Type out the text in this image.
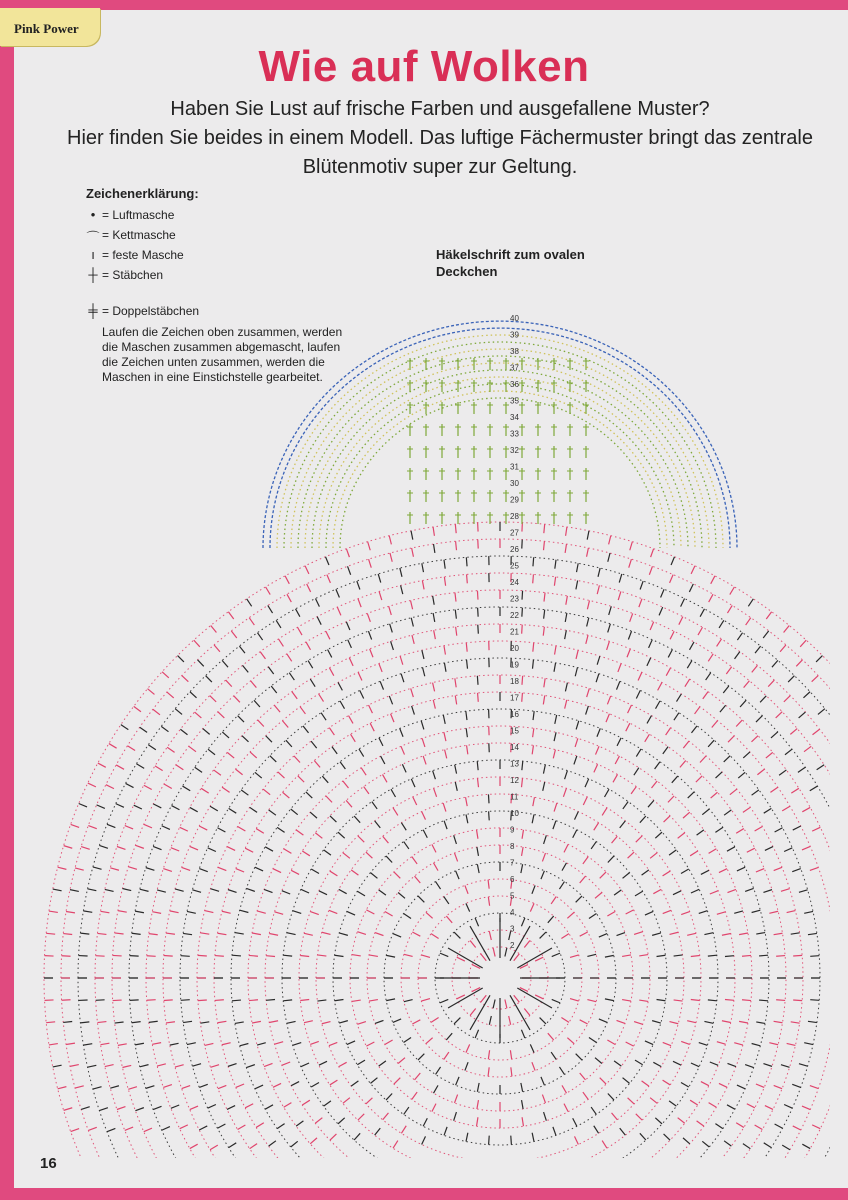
Pink Power
Wie auf Wolken
Haben Sie Lust auf frische Farben und ausgefallene Muster?
Hier finden Sie beides in einem Modell. Das luftige Fächermuster bringt das zentrale
Blütenmotiv super zur Geltung.
Zeichenerklärung:
• = Luftmasche
⌒ = Kettmasche
ı = feste Masche
┼ = Stäbchen
╪ = Doppelstäbchen
Laufen die Zeichen oben zusammen, werden die Maschen zusammen abgemascht, laufen die Zeichen unten zusammen, werden die Maschen in eine Einstichstelle gearbeitet.
Häkelschrift zum ovalen
Deckchen
2
3
4
5
6
7
8
9
10
11
12
13
14
15
16
17
18
19
20
21
22
23
24
25
26
27
28
29
30
31
32
33
34
35
36
37
38
39
40
16
